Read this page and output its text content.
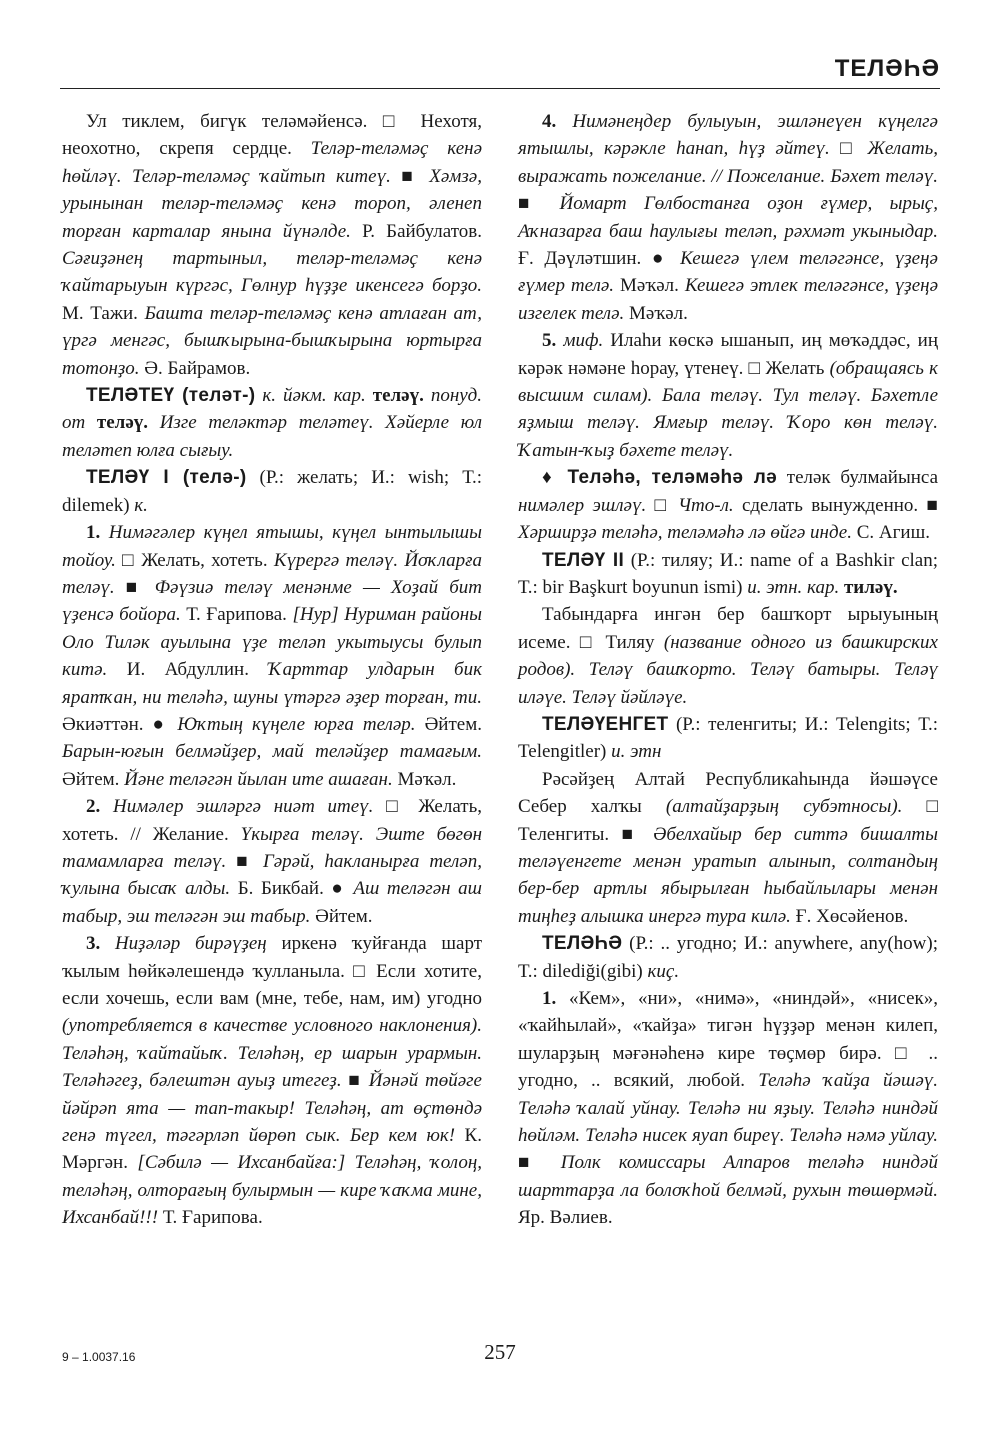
ТЕЛӘҺӘ

Ул тиклем, бигүк теләмәйенсә. □ Нехотя, неохотно, скрепя сердце. Теләр-теләмәҫ кенә һөйләү. Теләр-теләмәҫ ҡайтып китеү. ■ Хәмзә, урынынан теләр-теләмәҫ кенә тороп, әленеп торған карталар янына йүнәлде. Р. Байбулатов. Сәғиҙәнең тартыныл, теләр-теләмәҫ кенә ҡайтарыуын күргәс, Гөлнур һүҙҙе икенсегә борҙо. М. Тажи. Башта теләр-теләмәҫ кенә атлаған ат, үргә менгәс, бышҡырына-бышҡырына юртырға тотонҙо. Ә. Байрамов.

ТЕЛӘТЕҮ (теләт-) к. йәкм. кар. теләү. понуд. от теләү. Изге теләктәр теләтеү. Хәйерле юл теләтеп юлға сығыу.

ТЕЛӘҮ I (телә-) (Р.: желать; И.: wish; Т.: dilemek) к.

1. Нимәгәлер күңел ятышы, күңел ынтылышы тойоу. □ Желать, хотеть. Күрергә теләү. Йоҡларға теләү. ■ Фәүзиә теләү менәнме — Хоҙай бит үҙенсә бойора. Т. Ғарипова. [Нур] Нуриман районы Оло Тиләк ауылына үҙе теләп укытыусы булып китә. И. Абдуллин. Ҡарттар улдарын бик яратҡан, ни теләһә, шуны үтәргә әҙер торған, ти. Әкиәттән. ● Юҡтың күңеле юрға теләр. Әйтем. Барын-юғын белмәйҙер, май теләйҙер тамағым. Әйтем. Йәне теләгән йылан ите ашаған. Мәҡәл.

2. Нимәлер эшләргә ниәт итеү. □ Желать, хотеть. // Желание. Үкырға теләү. Эште бөгөн тамамларға теләү. ■ Гәрәй, һакланырға теләп, ҡулына бысаҡ алды. Б. Бикбай. ● Аш теләгән аш табыр, эш теләгән эш табыр. Әйтем.

3. Ниҙәләр бирәүҙең иркенә ҡуйғанда шарт ҡылым һөйкәлешендә ҡулланыла. □ Если хотите, если хочешь, если вам (мне, тебе, нам, им) угодно (употребляется в качестве условного наклонения). Теләһәң, ҡайтайыҡ. Теләһәң, ер шарын урармын. Теләһәгеҙ, бәлештән ауыҙ итегеҙ. ■ Йәнәй төйәге йәйрәп ята — тап-такыр! Теләһәң, ат өҫтөндә генә түгел, тәгәрләп йөрөп сык. Бер кем юк! К. Мәргән. [Сәбилә — Ихсанбайға:] Теләһәң, ҡолоң, теләһәң, олторағың булырмын — кире ҡаҡма мине, Ихсанбай!!! Т. Ғарипова.

4. Нимәнеңдер булыуын, эшләнеүен күңелгә ятышлы, кәрәкле һанап, һүҙ әйтеү. □ Желать, выражать пожелание. // Пожелание. Бәхет теләү. ■ Йомарт Гөлбостанға оҙон ғүмер, ырыҫ, Аҡназарға баш һаулығы теләп, рәхмәт укыныдар. Ғ. Дәүләтшин. ● Кешегә үлем теләгәнсе, үҙеңә ғүмер телә. Мәҡәл. Кешегә этлек теләгәнсе, үҙеңә изгелек телә. Мәҡәл.

5. миф. Илаһи көскә ышанып, иң мөҡәддәс, иң кәрәк нәмәне һорау, үтенеү. □ Желать (обращаясь к высшим силам). Бала теләү. Тул теләү. Бәхетле яҙмыш теләү. Ямғыр теләү. Ҡоро көн теләү. Ҡатын-ҡыҙ бәхете теләү.

♦ Теләһә, теләмәһә лә теләк булмайынса нимәлер эшләү. □ Что-л. сделать вынужденно. ■ Хәрширҙә теләһә, теләмәһә лә өйгә инде. С. Агиш.

ТЕЛӘҮ II (Р.: тиляу; И.: name of a Bashkir clan; Т.: bir Başkurt boyunun ismi) и. этн. кар. тиләү.

Табындарға ингән бер башҡорт ырыуының исеме. □ Тиляу (название одного из башкирских родов). Теләү башҡорто. Теләү батыры. Теләү иләүе. Теләү йәйләүе.

ТЕЛӘҮЕНГЕТ (Р.: теленгиты; И.: Telengits; Т.: Telengitler) и. этн

Рәсәйҙең Алтай Республикаһында йәшәүсе Себер халҡы (алтайҙарҙың субэтносы). □ Теленгиты. ■ Әбелхайыр бер ситтә бишалты теләүенгете менән уратып алынып, солтандың бер-бер артлы ябырылған һыбайлылары менән тиңһеҙ алышка инергә тура килә. Ғ. Хөсәйенов.

ТЕЛӘҺӘ (Р.: .. угодно; И.: anywhere, any(how); Т.: dilediği(gibi) киҫ.

1. «Кем», «ни», «нимә», «ниндәй», «нисек», «ҡайһылай», «ҡайҙа» тигән һүҙҙәр менән килеп, шуларҙың мәғәнәһенә кире төҫмөр бирә. □ .. угодно, .. всякий, любой. Теләһә ҡайҙа йәшәү. Теләһә ҡалай уйнау. Теләһә ни яҙыу. Теләһә ниндәй һөйләм. Теләһә нисек яуап биреү. Теләһә нәмә уйлау. ■ Полк комиссары Алпаров теләһә ниндәй шарттарҙа ла болоҡһой белмәй, рухын төшөрмәй. Яр. Вәлиев.

9 – 1.0037.16	257
